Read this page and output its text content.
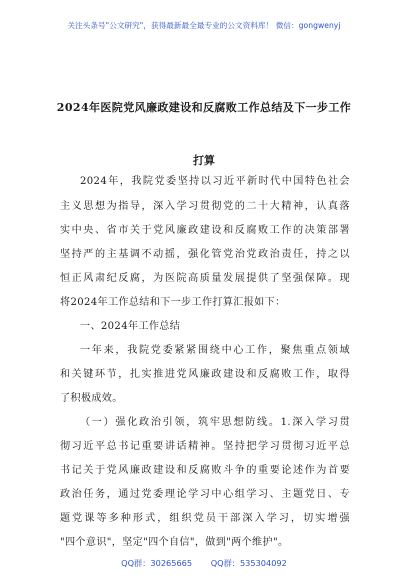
关注头条号"公文研究"，获得最新最全最专业的公文资料库！ 微信：gongwenyj
2024年医院党风廉政建设和反腐败工作总结及下一步工作
打算
2024年，我院党委坚持以习近平新时代中国特色社会
主义思想为指导，深入学习贯彻党的二十大精神，认真落
实中央、省市关于党风廉政建设和反腐败工作的决策部署
坚持严的主基调不动摇，强化管党治党政治责任，持之以
恒正风肃纪反腐，为医院高质量发展提供了坚强保障。现
将2024年工作总结和下一步工作打算汇报如下：
一、2024年工作总结
一年来，我院党委紧紧围绕中心工作，聚焦重点领域
和关键环节，扎实推进党风廉政建设和反腐败工作，取得
了积极成效。
（一）强化政治引领，筑牢思想防线。1.深入学习贯
彻习近平总书记重要讲话精神。坚持把学习贯彻习近平总
书记关于党风廉政建设和反腐败斗争的重要论述作为首要
政治任务，通过党委理论学习中心组学习、主题党日、专
题党课等多种形式，组织党员干部深入学习，切实增强
"四个意识"，坚定"四个自信"，做到"两个维护"。
QQ群：30265665 QQ群：535304092
